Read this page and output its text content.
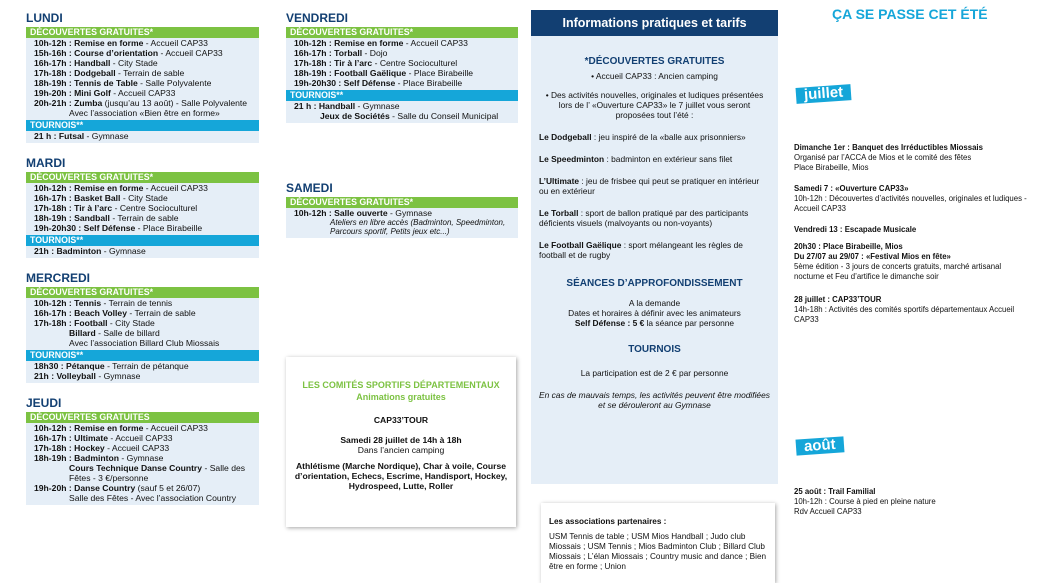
LUNDI
DÉCOUVERTES GRATUITES*
10h-12h : Remise en forme - Accueil CAP33
15h-16h : Course d’orientation - Accueil CAP33
16h-17h : Handball - City Stade
17h-18h : Dodgeball - Terrain de sable
18h-19h : Tennis de Table - Salle Polyvalente
19h-20h : Mini Golf - Accueil CAP33
20h-21h : Zumba (jusqu’au 13 août) - Salle Polyvalente
Avec l’association «Bien être en forme»
TOURNOIS**
21 h : Futsal - Gymnase
MARDI
DÉCOUVERTES GRATUITES*
10h-12h : Remise en forme - Accueil CAP33
16h-17h : Basket Ball - City Stade
17h-18h : Tir à l’arc - Centre Socioculturel
18h-19h : Sandball - Terrain de sable
19h-20h30 : Self Défense - Place Birabeille
TOURNOIS**
21h : Badminton - Gymnase
MERCREDI
DÉCOUVERTES GRATUITES*
10h-12h : Tennis - Terrain de tennis
16h-17h : Beach Volley - Terrain de sable
17h-18h : Football - City Stade
Billard - Salle de billard
Avec l’association Billard Club Miossais
TOURNOIS**
18h30 : Pétanque - Terrain de pétanque
21h : Volleyball - Gymnase
JEUDI
DÉCOUVERTES GRATUITES
10h-12h : Remise en forme - Accueil CAP33
16h-17h : Ultimate - Accueil CAP33
17h-18h : Hockey - Accueil CAP33
18h-19h : Badminton - Gymnase
Cours Technique Danse Country - Salle des
Fêtes - 3 €/personne
19h-20h : Danse Country (sauf 5 et 26/07)
Salle des Fêtes - Avec l’association Country
VENDREDI
DÉCOUVERTES GRATUITES*
10h-12h : Remise en forme - Accueil CAP33
16h-17h : Torball - Dojo
17h-18h : Tir à l’arc - Centre Socioculturel
18h-19h : Football Gaëlique - Place Birabeille
19h-20h30 : Self Défense - Place Birabeille
TOURNOIS**
21 h : Handball - Gymnase
Jeux de Sociétés - Salle du Conseil Municipal
SAMEDI
DÉCOUVERTES GRATUITES*
10h-12h : Salle ouverte - Gymnase
Ateliers en libre accès (Badminton, Speedminton, Parcours sportif, Petits jeux etc...)
LES COMITÉS SPORTIFS DÉPARTEMENTAUX
Animations gratuites
CAP33’TOUR
Samedi 28 juillet de 14h à 18h
Dans l’ancien camping
Athlétisme (Marche Nordique), Char à voile, Course d’orientation, Echecs, Escrime, Handisport, Hockey, Hydrospeed, Lutte, Roller
Informations pratiques et tarifs
*DÉCOUVERTES GRATUITES
• Accueil CAP33 : Ancien camping
• Des activités nouvelles, originales et ludiques présentées lors de l’ «Ouverture CAP33» le 7 juillet vous seront proposées tout l’été :
Le Dodgeball : jeu inspiré de la «balle aux prisonniers»
Le Speedminton : badminton en extérieur sans filet
L’Ultimate : jeu de frisbee qui peut se pratiquer en intérieur ou en extérieur
Le Torball : sport de ballon pratiqué par des participants déficients visuels (malvoyants ou non-voyants)
Le Football Gaëlique : sport mélangeant les règles de football et de rugby
SÉANCES D’APPROFONDISSEMENT
A la demande
Dates et horaires à définir avec les animateurs
Self Défense : 5 € la séance par personne
TOURNOIS
La participation est de 2 € par personne
En cas de mauvais temps, les activités peuvent être modifiées et se dérouleront au Gymnase
Les associations partenaires :
USM Tennis de table ; USM Mios Handball ; Judo club Miossais ; USM Tennis ; Mios Badminton Club ; Billard Club Miossais ; L’élan Miossais ; Country music and dance ; Bien être en forme ; Union
ÇA SE PASSE CET ÉTÉ
juillet
Dimanche 1er : Banquet des Irréductibles Miossais
Organisé par l’ACCA de Mios et le comité des fêtes
Place Birabeille, Mios
Samedi 7 : «Ouverture CAP33»
10h-12h : Découvertes d’activités nouvelles, originales et ludiques - Accueil CAP33
Vendredi 13 : Escapade Musicale
20h30 : Place Birabeille, Mios
Du 27/07 au 29/07 : «Festival Mios en fête»
5ème édition - 3 jours de concerts gratuits, marché artisanal nocturne et Feu d’artifice le dimanche soir
28 juillet : CAP33’TOUR
14h-18h : Activités des comités sportifs départementaux Accueil CAP33
août
25 août : Trail Familial
10h-12h : Course à pied en pleine nature
Rdv Accueil CAP33
